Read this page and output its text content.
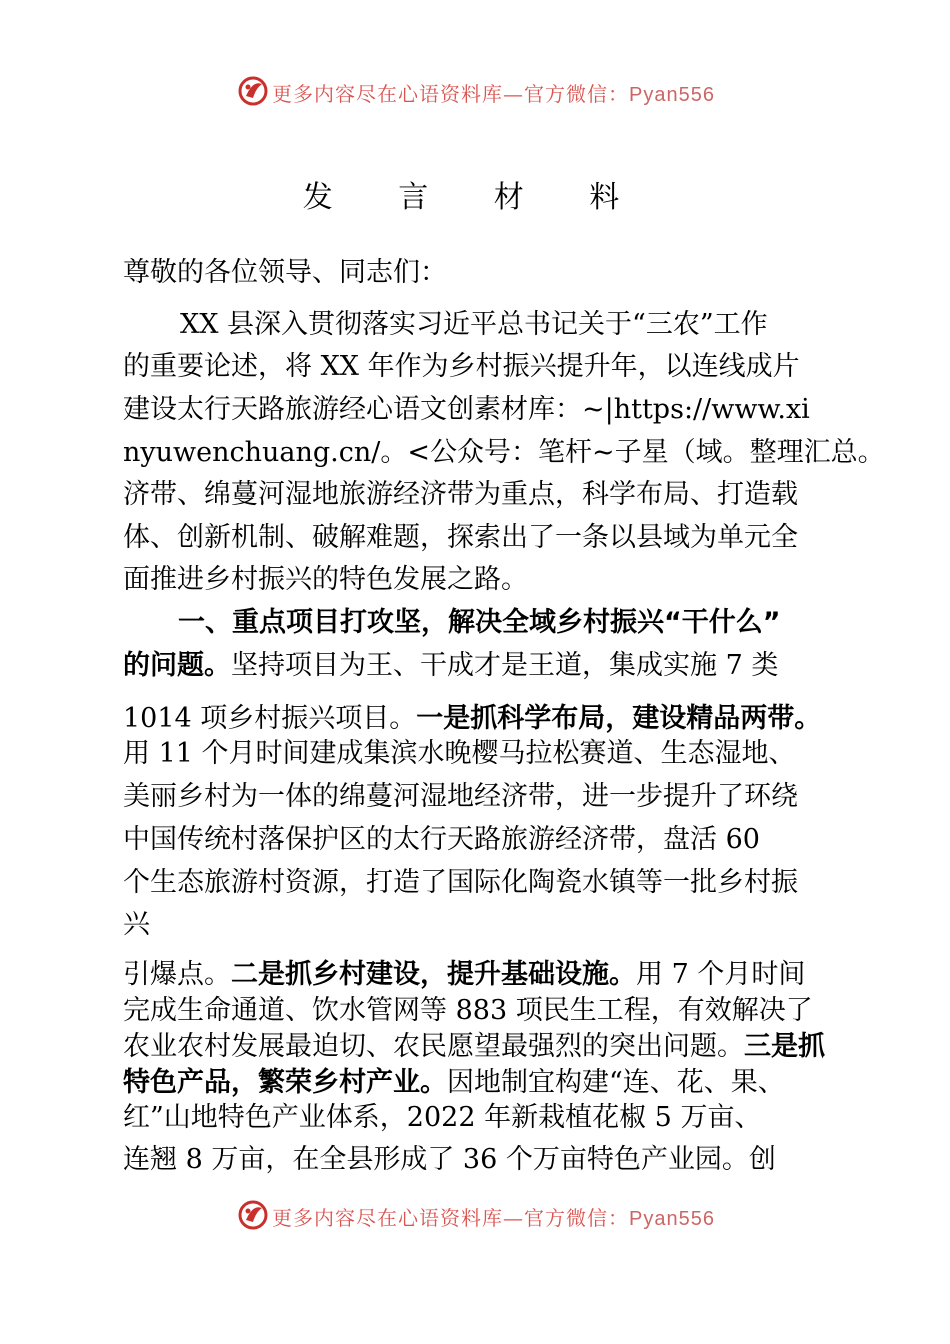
更多内容尽在心语资料库—官方微信：Pyan556
发 言 材 料
尊敬的各位领导、同志们：
XX 县深入贯彻落实习近平总书记关于“三农”工作
的重要论述，将 XX 年作为乡村振兴提升年，以连线成片
建设太行天路旅游经心语文创素材库：~|https://www.xi
nyuwenchuang.cn/。<公众号：笔杆~子星（域。整理汇总。
济带、绵蔓河湿地旅游经济带为重点，科学布局、打造载
体、创新机制、破解难题，探索出了一条以县域为单元全
面推进乡村振兴的特色发展之路。
一、重点项目打攻坚，解决全域乡村振兴“干什么”
的问题。坚持项目为王、干成才是王道，集成实施 7 类
1014 项乡村振兴项目。一是抓科学布局，建设精品两带。
用 11 个月时间建成集滨水晚樱马拉松赛道、生态湿地、
美丽乡村为一体的绵蔓河湿地经济带，进一步提升了环绕
中国传统村落保护区的太行天路旅游经济带，盘活 60
个生态旅游村资源，打造了国际化陶瓷水镇等一批乡村振
兴
引爆点。二是抓乡村建设，提升基础设施。用 7 个月时间
完成生命通道、饮水管网等 883 项民生工程，有效解决了
农业农村发展最迫切、农民愿望最强烈的突出问题。三是抓
特色产品，繁荣乡村产业。因地制宜构建“连、花、果、
红”山地特色产业体系，2022 年新栽植花椒 5 万亩、
连翘 8 万亩，在全县形成了 36 个万亩特色产业园。创
更多内容尽在心语资料库—官方微信：Pyan556
